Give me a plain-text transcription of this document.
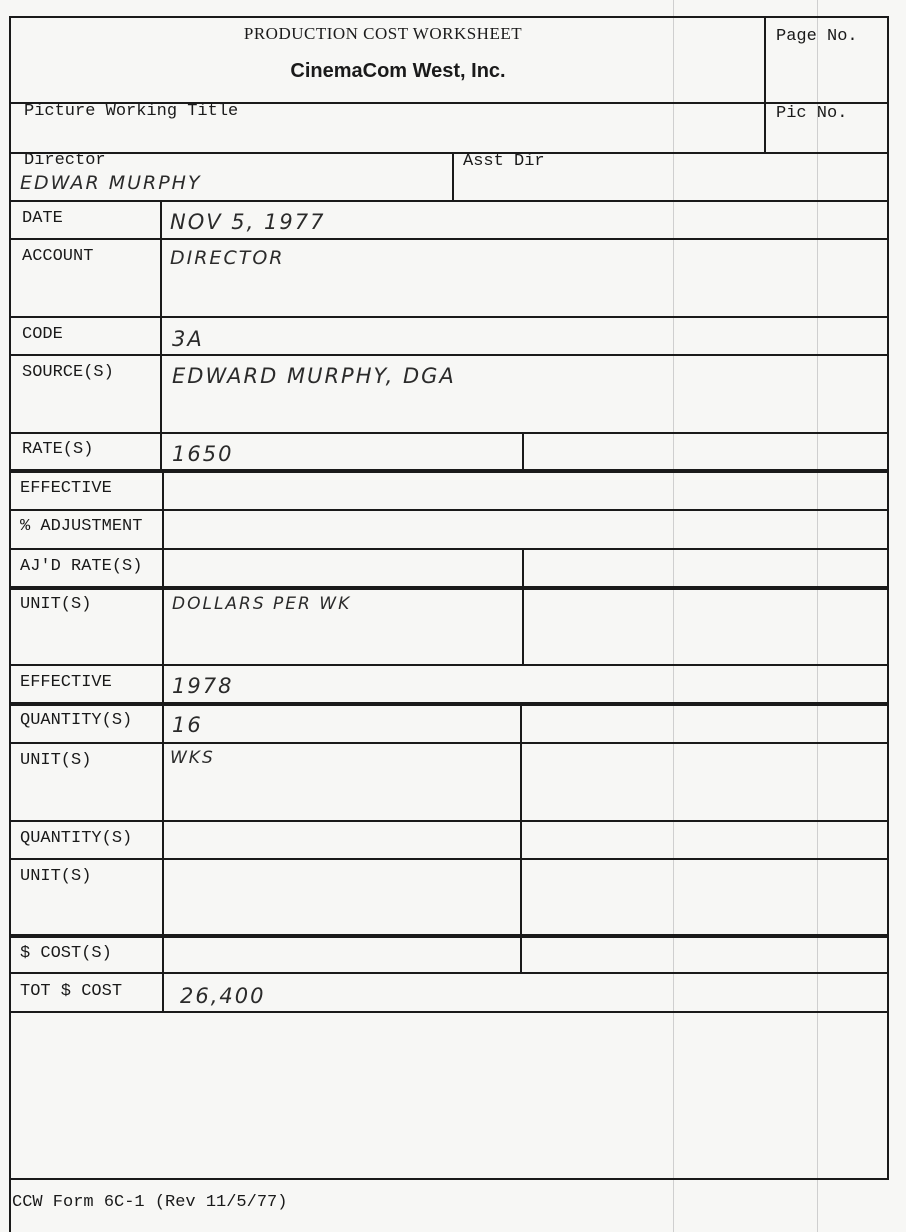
PRODUCTION COST WORKSHEET
CinemaCom West, Inc.
Page No.
Pic No.
Picture Working Title
Director
EDWAR MURPHY
Asst Dir
DATE
ACCOUNT
CODE
SOURCE(S)
RATE(S)
EFFECTIVE
% ADJUSTMENT
AJ'D RATE(S)
UNIT(S)
EFFECTIVE
QUANTITY(S)
UNIT(S)
QUANTITY(S)
UNIT(S)
$ COST(S)
TOT $ COST
NOV 5, 1977
DIRECTOR
3A
EDWARD MURPHY, DGA
1650
DOLLARS PER WK
1978
16
WKS
26,400
CCW Form 6C-1 (Rev 11/5/77)
